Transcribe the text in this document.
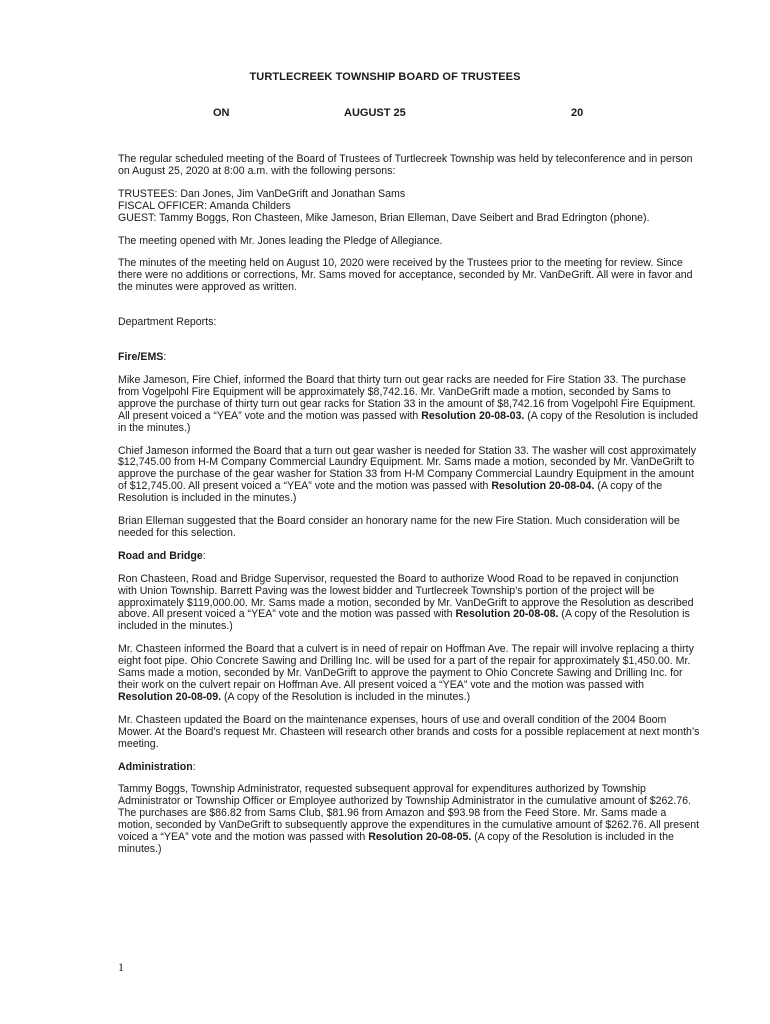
TURTLECREEK TOWNSHIP BOARD OF TRUSTEES
ON	AUGUST 25	20

The regular scheduled meeting of the Board of Trustees of Turtlecreek Township was held by teleconference and in person on August 25, 2020 at 8:00 a.m. with the following persons:

TRUSTEES: Dan Jones, Jim VanDeGrift and Jonathan Sams
FISCAL OFFICER: Amanda Childers
GUEST: Tammy Boggs, Ron Chasteen, Mike Jameson, Brian Elleman, Dave Seibert and Brad Edrington (phone).

The meeting opened with Mr. Jones leading the Pledge of Allegiance.

The minutes of the meeting held on August 10, 2020 were received by the Trustees prior to the meeting for review. Since there were no additions or corrections, Mr. Sams moved for acceptance, seconded by Mr. VanDeGrift. All were in favor and the minutes were approved as written.

Department Reports:

Fire/EMS:

Mike Jameson, Fire Chief, informed the Board that thirty turn out gear racks are needed for Fire Station 33. The purchase from Vogelpohl Fire Equipment will be approximately $8,742.16. Mr. VanDeGrift made a motion, seconded by Sams to approve the purchase of thirty turn out gear racks for Station 33 in the amount of $8,742.16 from Vogelpohl Fire Equipment. All present voiced a “YEA” vote and the motion was passed with Resolution 20-08-03. (A copy of the Resolution is included in the minutes.)

Chief Jameson informed the Board that a turn out gear washer is needed for Station 33. The washer will cost approximately $12,745.00 from H-M Company Commercial Laundry Equipment. Mr. Sams made a motion, seconded by Mr. VanDeGrift to approve the purchase of the gear washer for Station 33 from H-M Company Commercial Laundry Equipment in the amount of $12,745.00. All present voiced a “YEA” vote and the motion was passed with Resolution 20-08-04. (A copy of the Resolution is included in the minutes.)

Brian Elleman suggested that the Board consider an honorary name for the new Fire Station. Much consideration will be needed for this selection.

Road and Bridge:

Ron Chasteen, Road and Bridge Supervisor, requested the Board to authorize Wood Road to be repaved in conjunction with Union Township. Barrett Paving was the lowest bidder and Turtlecreek Township’s portion of the project will be approximately $119,000.00. Mr. Sams made a motion, seconded by Mr. VanDeGrift to approve the Resolution as described above. All present voiced a “YEA” vote and the motion was passed with Resolution 20-08-08. (A copy of the Resolution is included in the minutes.)

Mr. Chasteen informed the Board that a culvert is in need of repair on Hoffman Ave. The repair will involve replacing a thirty eight foot pipe. Ohio Concrete Sawing and Drilling Inc. will be used for a part of the repair for approximately $1,450.00. Mr. Sams made a motion, seconded by Mr. VanDeGrift to approve the payment to Ohio Concrete Sawing and Drilling Inc. for their work on the culvert repair on Hoffman Ave. All present voiced a “YEA” vote and the motion was passed with Resolution 20-08-09. (A copy of the Resolution is included in the minutes.)

Mr. Chasteen updated the Board on the maintenance expenses, hours of use and overall condition of the 2004 Boom Mower. At the Board’s request Mr. Chasteen will research other brands and costs for a possible replacement at next month’s meeting.

Administration:

Tammy Boggs, Township Administrator, requested subsequent approval for expenditures authorized by Township Administrator or Township Officer or Employee authorized by Township Administrator in the cumulative amount of $262.76. The purchases are $86.82 from Sams Club, $81.96 from Amazon and $93.98 from the Feed Store. Mr. Sams made a motion, seconded by VanDeGrift to subsequently approve the expenditures in the cumulative amount of $262.76. All present voiced a “YEA” vote and the motion was passed with Resolution 20-08-05. (A copy of the Resolution is included in the minutes.)

1
